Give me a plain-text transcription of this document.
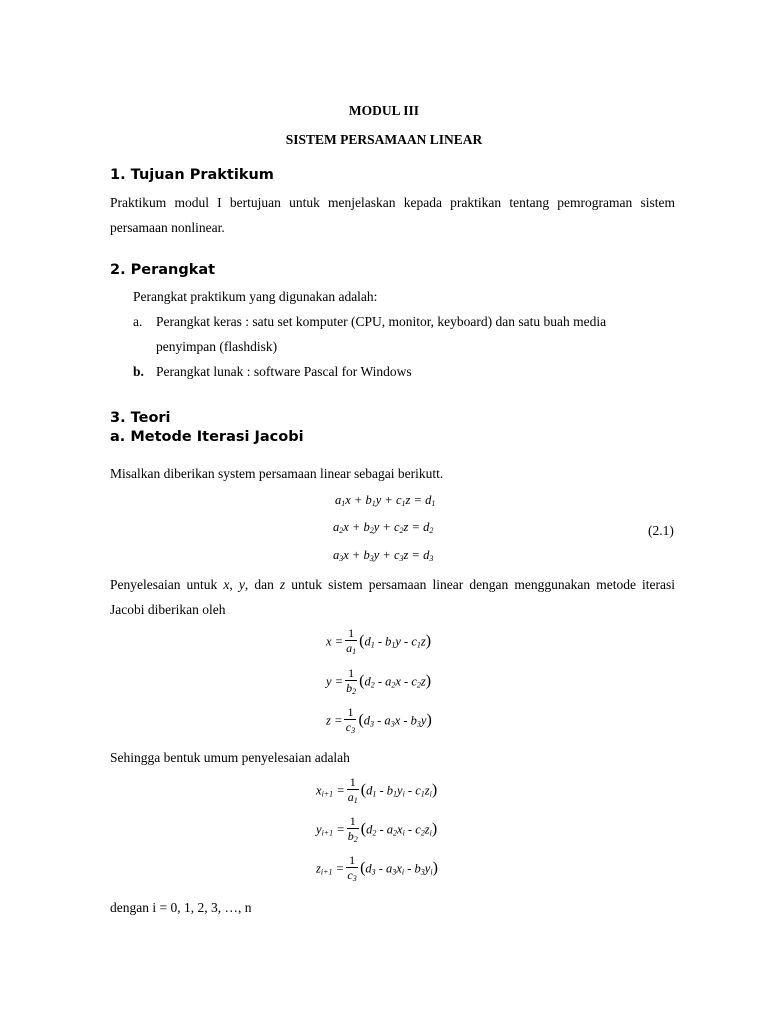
MODUL III
SISTEM PERSAMAAN LINEAR
1. Tujuan Praktikum
Praktikum modul I bertujuan untuk menjelaskan kepada praktikan tentang pemrograman sistem persamaan nonlinear.
2. Perangkat
Perangkat praktikum yang digunakan adalah:
a. Perangkat keras : satu set komputer (CPU, monitor, keyboard) dan satu buah media
penyimpan (flashdisk)
b. Perangkat lunak : software Pascal for Windows
3. Teori
a. Metode Iterasi Jacobi
Misalkan diberikan system persamaan linear sebagai berikutt.
$a_1x + b_1y + c_1z = d_1$
$a_2x + b_2y + c_2z = d_2$
$a_3x + b_3y + c_3z = d_3$
(2.1)
Penyelesaian untuk x, y, dan z untuk sistem persamaan linear dengan menggunakan metode iterasi Jacobi diberikan oleh
$x = \frac{1}{a_1} (d_1 - b_1y - c_1z)$
$y = \frac{1}{b_2} (d_2 - a_2x - c_2z)$
$z = \frac{1}{c_3} (d_3 - a_3x - b_3y)$
Sehingga bentuk umum penyelesaian adalah
$x_{i+1} = \frac{1}{a_1} (d_1 - b_1y_i - c_1z_i)$
$y_{i+1} = \frac{1}{b_2} (d_2 - a_2x_i - c_2z_i)$
$z_{i+1} = \frac{1}{c_3} (d_3 - a_3x_i - b_3y_i)$
dengan i = 0, 1, 2, 3, …, n
